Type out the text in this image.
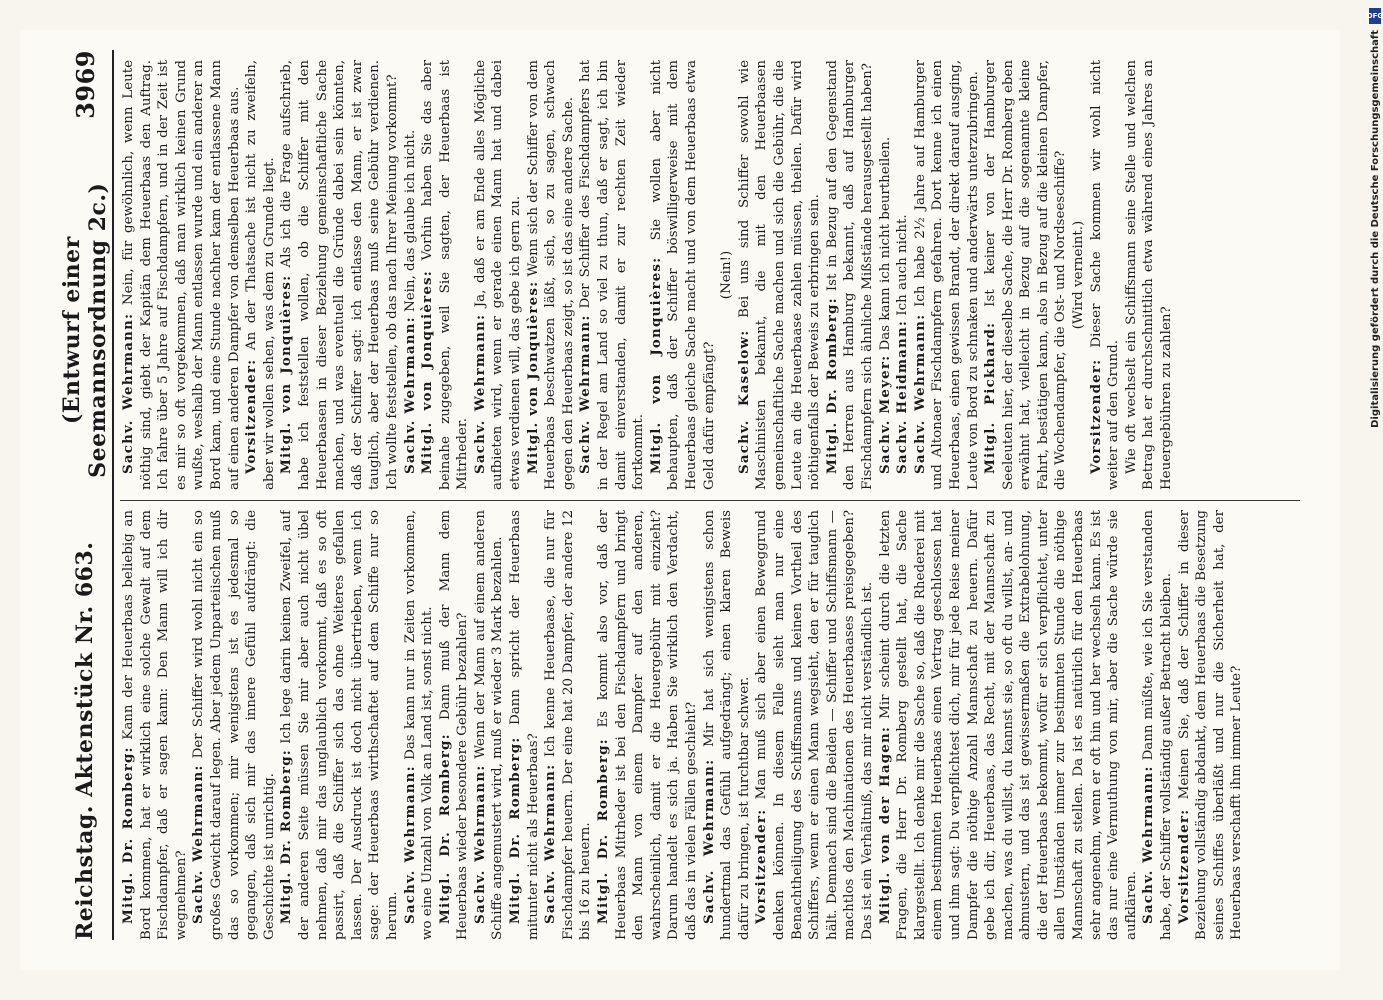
Reichstag. Aktenstück Nr. 663.
(Entwurf einer Seemannsordnung 2c.)
3969

Mitgl. Dr. Romberg: Kann der Heuerbaas beliebig an Bord kommen, hat er wirklich eine solche Gewalt auf dem Fischdampfer, daß er sagen kann: Den Mann will ich dir wegnehmen? Sachv. Wehrmann: Der Schiffer wird wohl nicht ein so großes Gewicht darauf legen. Aber jedem Unparteiischen muß das so vorkommen; mir wenigstens ist es jedesmal so gegangen, daß sich mir das innere Gefühl aufdrängt: die Geschichte ist unrichtig. Mitgl. Dr. Romberg: Ich lege darin keinen Zweifel, auf der anderen Seite müssen Sie mir aber auch nicht übel nehmen, daß mir das unglaublich vorkommt, daß es so oft passirt, daß die Schiffer sich das ohne Weiteres gefallen lassen. Der Ausdruck ist doch nicht übertrieben, wenn ich sage: der Heuerbaas wirthschaftet auf dem Schiffe nur so herum. Sachv. Wehrmann: Das kann nur in Zeiten vorkommen, wo eine Unzahl von Volk an Land ist, sonst nicht. Mitgl. Dr. Romberg: Dann muß der Mann dem Heuerbaas wieder besondere Gebühr bezahlen? Sachv. Wehrmann: Wenn der Mann auf einem anderen Schiffe angemustert wird, muß er wieder 3 Mark bezahlen. Mitgl. Dr. Romberg: Dann spricht der Heuerbaas mitunter nicht als Heuerbaas? Sachv. Wehrmann: Ich kenne Heuerbaase, die nur für Fischdampfer heuern. Der eine hat 20 Dampfer, der andere 12 bis 16 zu heuern. Mitgl. Dr. Romberg: Es kommt also vor, daß der Heuerbaas Mitrheder ist bei den Fischdampfern und bringt den Mann von einem Dampfer auf den anderen, wahrscheinlich, damit er die Heuergebühr mit einzieht? Darum handelt es sich ja. Haben Sie wirklich den Verdacht, daß das in vielen Fällen geschieht? Sachv. Wehrmann: Mir hat sich wenigstens schon hundertmal das Gefühl aufgedrängt; einen klaren Beweis dafür zu bringen, ist furchtbar schwer. Vorsitzender: Man muß sich aber einen Beweggrund denken können. In diesem Falle sieht man nur eine Benachtheiligung des Schiffsmanns und keinen Vortheil des Schiffers, wenn er einen Mann wegsieht, den er für tauglich hält. Demnach sind die Beiden — Schiffer und Schiffsmann — machtlos den Machinationen des Heuerbaases preisgegeben? Das ist ein Verhältniß, das mir nicht verständlich ist. Mitgl. von der Hagen: Mir scheint durch die letzten Fragen, die Herr Dr. Romberg gestellt hat, die Sache klargestellt. Ich denke mir die Sache so, daß die Rhederei mit einem bestimmten Heuerbaas einen Vertrag geschlossen hat und ihm sagt: Du verpflichtest dich, mir für jede Reise meiner Dampfer die nöthige Anzahl Mannschaft zu heuern. Dafür gebe ich dir, Heuerbaas, das Recht, mit der Mannschaft zu machen, was du willst, du kannst sie, so oft du willst, an- und abmustern, und das ist gewissermaßen die Extrabelohnung, die der Heuerbaas bekommt, wofür er sich verpflichtet, unter allen Umständen immer zur bestimmten Stunde die nöthige Mannschaft zu stellen. Da ist es natürlich für den Heuerbaas sehr angenehm, wenn er oft hin und her wechseln kann. Es ist das nur eine Vermuthung von mir, aber die Sache würde sie aufklären. Sachv. Wehrmann: Dann müßte, wie ich Sie verstanden habe, der Schiffer vollständig außer Betracht bleiben. Vorsitzender: Meinen Sie, daß der Schiffer in dieser Beziehung vollständig abdankt, dem Heuerbaas die Besetzung seines Schiffes überläßt und nur die Sicherheit hat, der Heuerbaas verschafft ihm immer Leute?

Sachv. Wehrmann: Nein, für gewöhnlich, wenn Leute nöthig sind, giebt der Kapitän dem Heuerbaas den Auftrag. Ich fahre über 5 Jahre auf Fischdampfern, und in der Zeit ist es mir so oft vorgekommen, daß man wirklich keinen Grund wußte, weshalb der Mann entlassen wurde und ein anderer an Bord kam, und eine Stunde nachher kam der entlassene Mann auf einen anderen Dampfer von demselben Heuerbaas aus. Vorsitzender: An der Thatsache ist nicht zu zweifeln, aber wir wollen sehen, was dem zu Grunde liegt. Mitgl. von Jonquières: Als ich die Frage aufschrieb, habe ich feststellen wollen, ob die Schiffer mit den Heuerbaasen in dieser Beziehung gemeinschaftliche Sache machen, und was eventuell die Gründe dabei sein könnten, daß der Schiffer sagt: ich entlasse den Mann, er ist zwar tauglich, aber der Heuerbaas muß seine Gebühr verdienen. Ich wollte feststellen, ob das nach Ihrer Meinung vorkommt? Sachv. Wehrmann: Nein, das glaube ich nicht.

Mitgl. von Jonquières: Vorhin haben Sie das aber beinahe zugegeben, weil Sie sagten, der Heuerbaas ist Mitrheder. Sachv. Wehrmann: Ja, daß er am Ende alles Mögliche aufbieten wird, wenn er gerade einen Mann hat und dabei etwas verdienen will, das gebe ich gern zu. Mitgl. von Jonquières: Wenn sich der Schiffer von dem Heuerbaas beschwatzen läßt, sich, so zu sagen, schwach gegen den Heuerbaas zeigt, so ist das eine andere Sache. Sachv. Wehrmann: Der Schiffer des Fischdampfers hat in der Regel am Land so viel zu thun, daß er sagt, ich bin damit einverstanden, damit er zur rechten Zeit wieder fortkommt. Mitgl. von Jonquières: Sie wollen aber nicht behaupten, daß der Schiffer böswilligerweise mit dem Heuerbaas gleiche Sache macht und von dem Heuerbaas etwa Geld dafür empfängt?

(Nein!)

Sachv. Kaselow: Bei uns sind Schiffer sowohl wie Maschinisten bekannt, die mit den Heuerbaasen gemeinschaftliche Sache machen und sich die Gebühr, die die Leute an die Heuerbaase zahlen müssen, theilen. Dafür wird nöthigenfalls der Beweis zu erbringen sein. Mitgl. Dr. Romberg: Ist in Bezug auf den Gegenstand den Herren aus Hamburg bekannt, daß auf Hamburger Fischdampfern sich ähnliche Mißstände herausgestellt haben? Sachv. Meyer: Das kann ich nicht beurtheilen.

Sachv. Heidmann: Ich auch nicht.

Sachv. Wehrmann: Ich habe 2½ Jahre auf Hamburger und Altonaer Fischdampfern gefahren. Dort kenne ich einen Heuerbaas, einen gewissen Brandt, der direkt darauf ausging, Leute von Bord zu schnaken und anderwärts unterzubringen. Mitgl. Pickhard: Ist keiner von der Hamburger Seeleuten hier, der dieselbe Sache, die Herr Dr. Romberg eben erwähnt hat, vielleicht in Bezug auf die sogenannte kleine Fahrt, bestätigen kann, also in Bezug auf die kleinen Dampfer, die Wochendampfer, die Ost- und Nordseeschiffe? (Wird verneint.)

Vorsitzender: Dieser Sache kommen wir wohl nicht weiter auf den Grund. Wie oft wechselt ein Schiffsmann seine Stelle und welchen Betrag hat er durchschnittlich etwa während eines Jahres an Heuergebühren zu zahlen?

DFG
Digitalisierung gefördert durch die Deutsche Forschungsgemeinschaft
